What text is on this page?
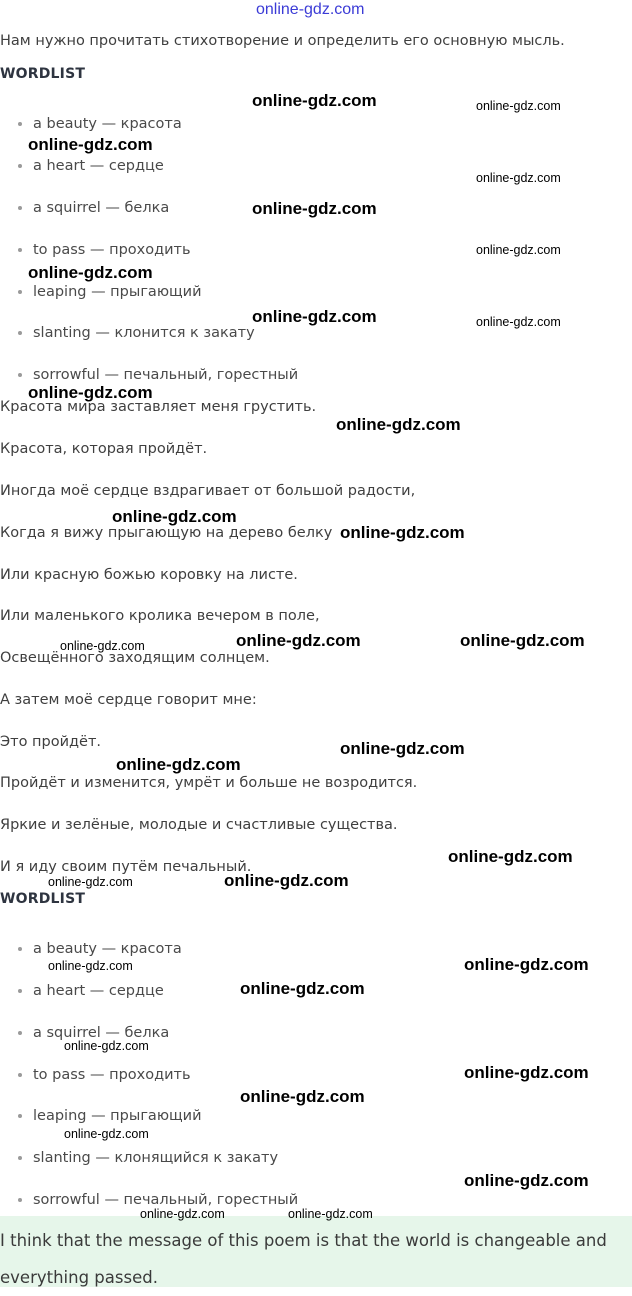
online-gdz.com
Нам нужно прочитать стихотворение и определить его основную мысль.
WORDLIST
a beauty — красота
a heart — сердце
a squirrel — белка
to pass — проходить
leaping — прыгающий
slanting — клонится к закату
sorrowful — печальный, горестный
Красота мира заставляет меня грустить.
Красота, которая пройдёт.
Иногда моё сердце вздрагивает от большой радости,
Когда я вижу прыгающую на дерево белку
Или красную божью коровку на листе.
Или маленького кролика вечером в поле,
Освещённого заходящим солнцем.
А затем моё сердце говорит мне:
Это пройдёт.
Пройдёт и изменится, умрёт и больше не возродится.
Яркие и зелёные, молодые и счастливые существа.
И я иду своим путём печальный.
WORDLIST
a beauty — красота
a heart — сердце
a squirrel — белка
to pass — проходить
leaping — прыгающий
slanting — клонящийся к закату
sorrowful — печальный, горестный
I think that the message of this poem is that the world is changeable and everything passed.
online-gdz.com	online-gdz.com
online-gdz.com
online-gdz.com
online-gdz.com
online-gdz.com
online-gdz.com
online-gdz.com	online-gdz.com
online-gdz.com
online-gdz.com
online-gdz.com
online-gdz.com
online-gdz.com	online-gdz.com	online-gdz.com
online-gdz.com
online-gdz.com
online-gdz.com
online-gdz.com
online-gdz.com
online-gdz.com	online-gdz.com
online-gdz.com
online-gdz.com
online-gdz.com
online-gdz.com
online-gdz.com
online-gdz.com
online-gdz.com	online-gdz.com
